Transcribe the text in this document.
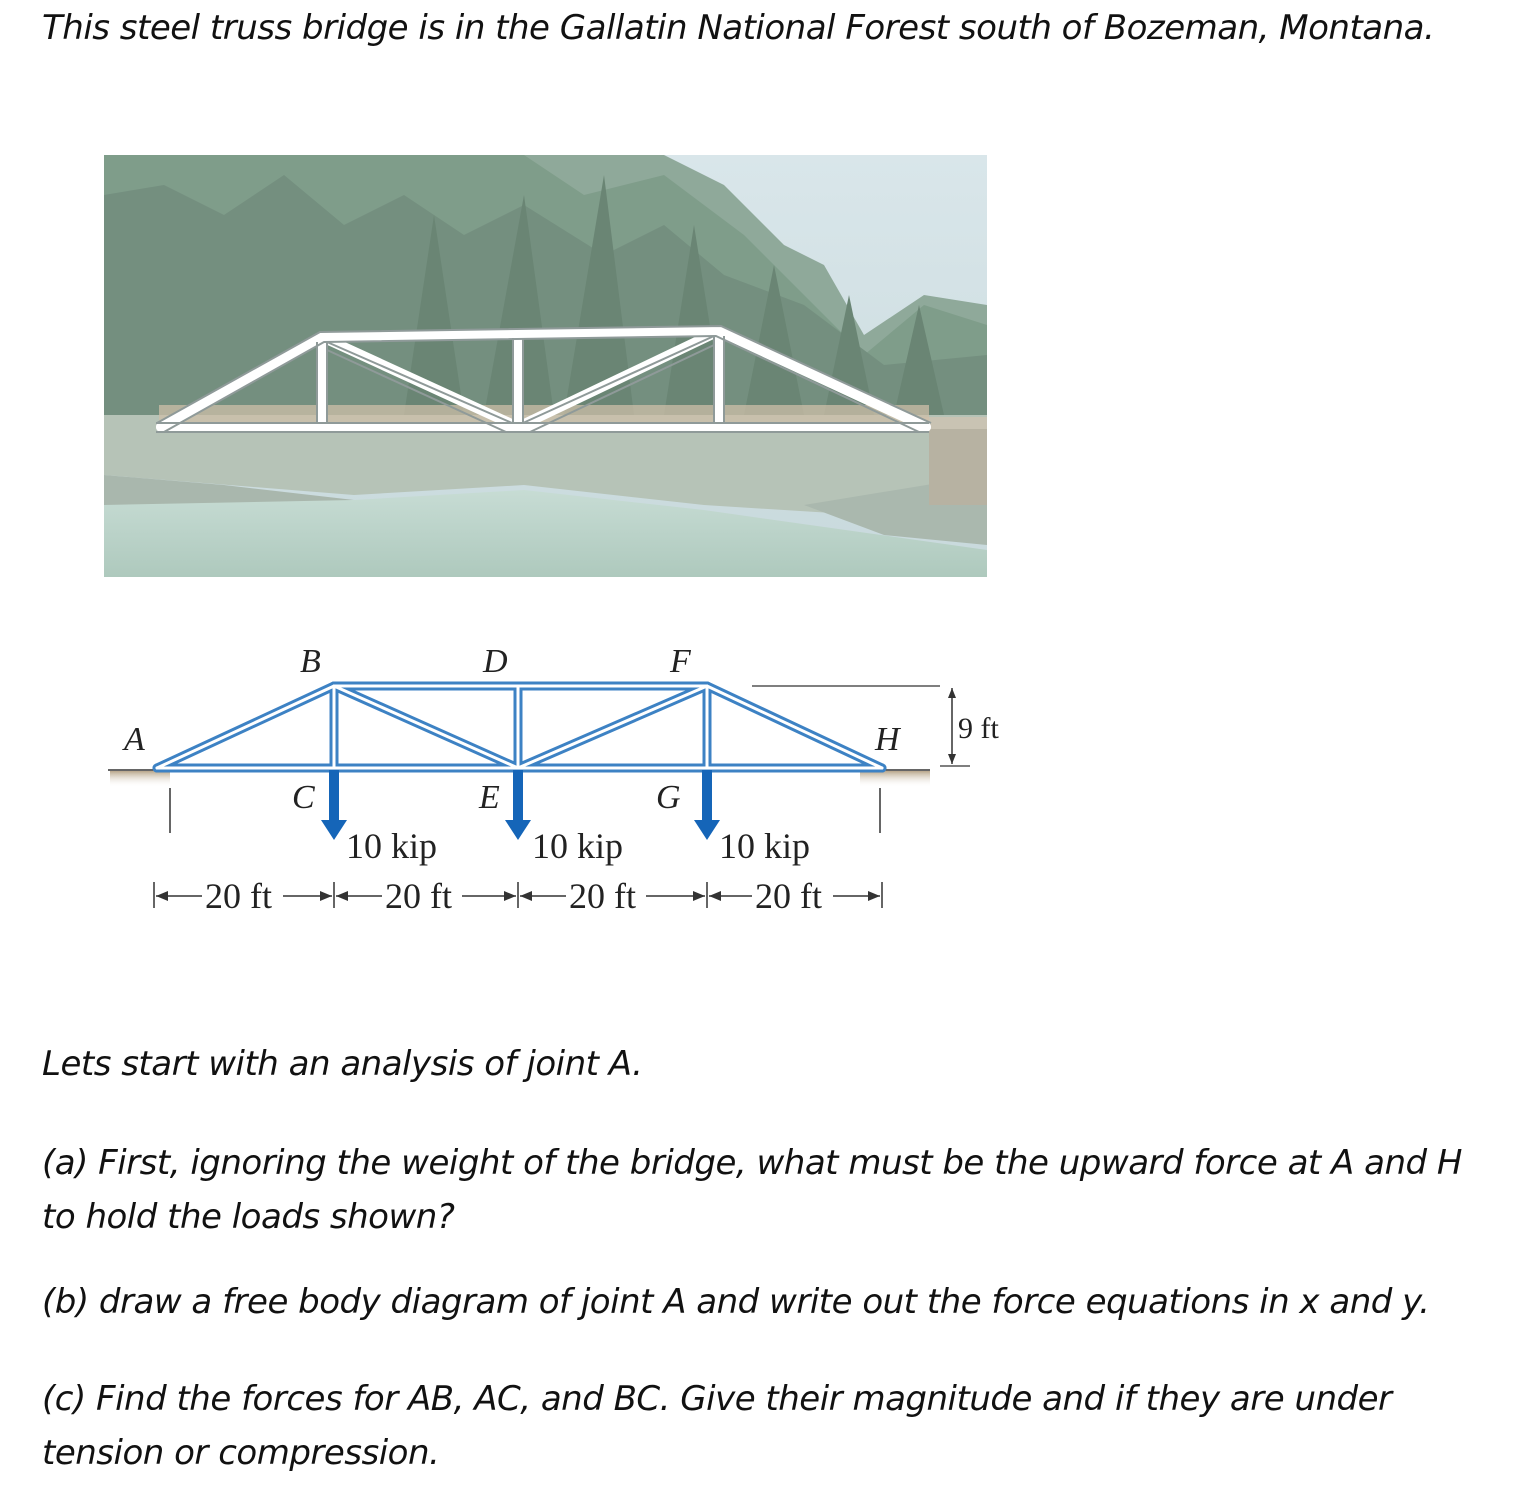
This steel truss bridge is in the Gallatin National Forest south of Bozeman, Montana.
A
B
C
D
E
F
G
H
10 kip	10 kip	10 kip
20 ft	20 ft	20 ft	20 ft
9 ft
Lets start with an analysis of joint A.
(a) First, ignoring the weight of the bridge, what must be the upward force at A and H
to hold the loads shown?
(b) draw a free body diagram of joint A and write out the force equations in x and y.
(c) Find the forces for AB, AC, and BC. Give their magnitude and if they are under
tension or compression.
